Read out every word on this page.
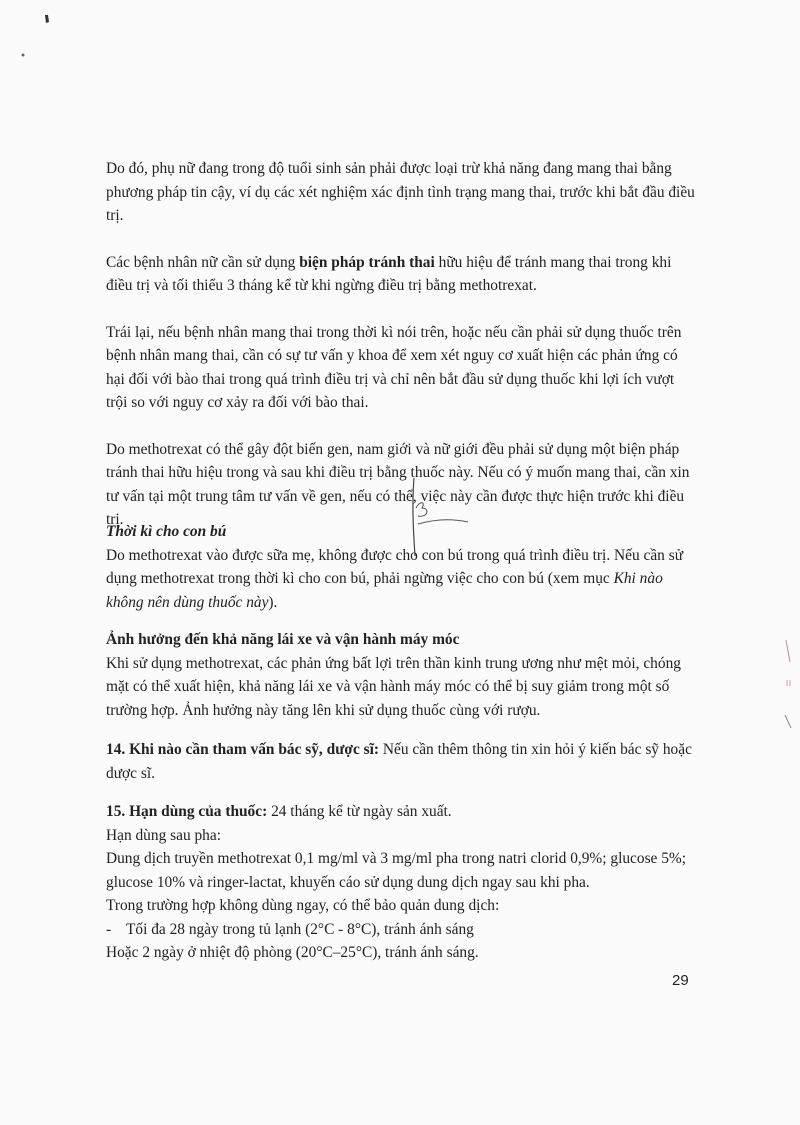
Do đó, phụ nữ đang trong độ tuổi sinh sản phải được loại trừ khả năng đang mang thai bằng phương pháp tin cậy, ví dụ các xét nghiệm xác định tình trạng mang thai, trước khi bắt đầu điều trị.

Các bệnh nhân nữ cần sử dụng biện pháp tránh thai hữu hiệu để tránh mang thai trong khi điều trị và tối thiểu 3 tháng kể từ khi ngừng điều trị bằng methotrexat.

Trái lại, nếu bệnh nhân mang thai trong thời kì nói trên, hoặc nếu cần phải sử dụng thuốc trên bệnh nhân mang thai, cần có sự tư vấn y khoa để xem xét nguy cơ xuất hiện các phản ứng có hại đối với bào thai trong quá trình điều trị và chỉ nên bắt đầu sử dụng thuốc khi lợi ích vượt trội so với nguy cơ xảy ra đối với bào thai.

Do methotrexat có thể gây đột biến gen, nam giới và nữ giới đều phải sử dụng một biện pháp tránh thai hữu hiệu trong và sau khi điều trị bằng thuốc này. Nếu có ý muốn mang thai, cần xin tư vấn tại một trung tâm tư vấn về gen, nếu có thể, việc này cần được thực hiện trước khi điều trị.

Thời kì cho con bú

Do methotrexat vào được sữa mẹ, không được cho con bú trong quá trình điều trị. Nếu cần sử dụng methotrexat trong thời kì cho con bú, phải ngừng việc cho con bú (xem mục Khi nào không nên dùng thuốc này).

Ảnh hưởng đến khả năng lái xe và vận hành máy móc

Khi sử dụng methotrexat, các phản ứng bất lợi trên thần kinh trung ương như mệt mỏi, chóng mặt có thể xuất hiện, khả năng lái xe và vận hành máy móc có thể bị suy giảm trong một số trường hợp. Ảnh hưởng này tăng lên khi sử dụng thuốc cùng với rượu.

14. Khi nào cần tham vấn bác sỹ, dược sĩ: Nếu cần thêm thông tin xin hỏi ý kiến bác sỹ hoặc dược sĩ.

15. Hạn dùng của thuốc: 24 tháng kể từ ngày sản xuất.

Hạn dùng sau pha:

Dung dịch truyền methotrexat 0,1 mg/ml và 3 mg/ml pha trong natri clorid 0,9%; glucose 5%; glucose 10% và ringer-lactat, khuyến cáo sử dụng dung dịch ngay sau khi pha.

Trong trường hợp không dùng ngay, có thể bảo quản dung dịch:

- Tối đa 28 ngày trong tủ lạnh (2°C - 8°C), tránh ánh sáng

Hoặc 2 ngày ở nhiệt độ phòng (20°C–25°C), tránh ánh sáng.

29
